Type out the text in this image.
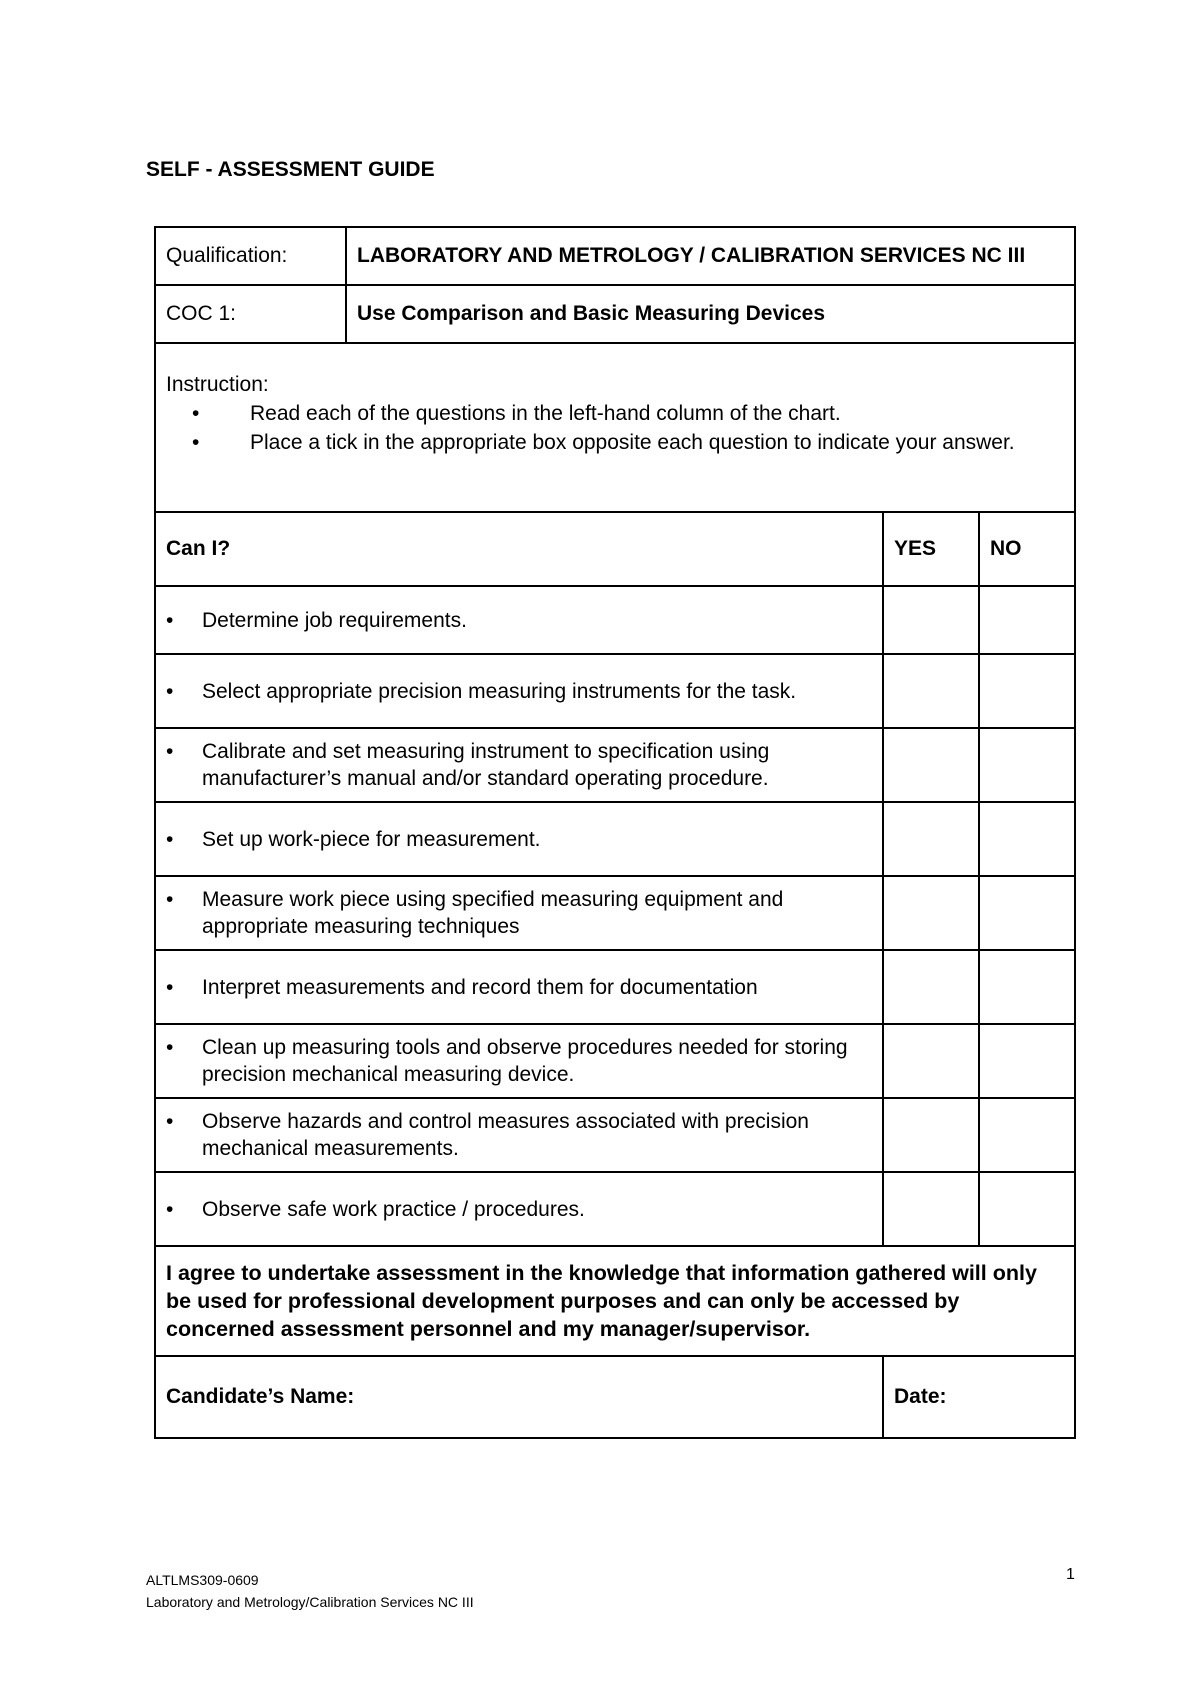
SELF - ASSESSMENT GUIDE
Qualification:	LABORATORY AND METROLOGY / CALIBRATION SERVICES NC III
COC 1:	Use Comparison and Basic Measuring Devices
Instruction:
• Read each of the questions in the left-hand column of the chart.
• Place a tick in the appropriate box opposite each question to indicate your answer.
Can I?	YES	NO
• Determine job requirements.
• Select appropriate precision measuring instruments for the task.
• Calibrate and set measuring instrument to specification using manufacturer’s manual and/or standard operating procedure.
• Set up work-piece for measurement.
• Measure work piece using specified measuring equipment and appropriate measuring techniques
• Interpret measurements and record them for documentation
• Clean up measuring tools and observe procedures needed for storing precision mechanical measuring device.
• Observe hazards and control measures associated with precision mechanical measurements.
• Observe safe work practice / procedures.
I agree to undertake assessment in the knowledge that information gathered will only be used for professional development purposes and can only be accessed by concerned assessment personnel and my manager/supervisor.
Candidate’s Name:	Date:
ALTLMS309-0609
Laboratory and Metrology/Calibration Services NC III
1
